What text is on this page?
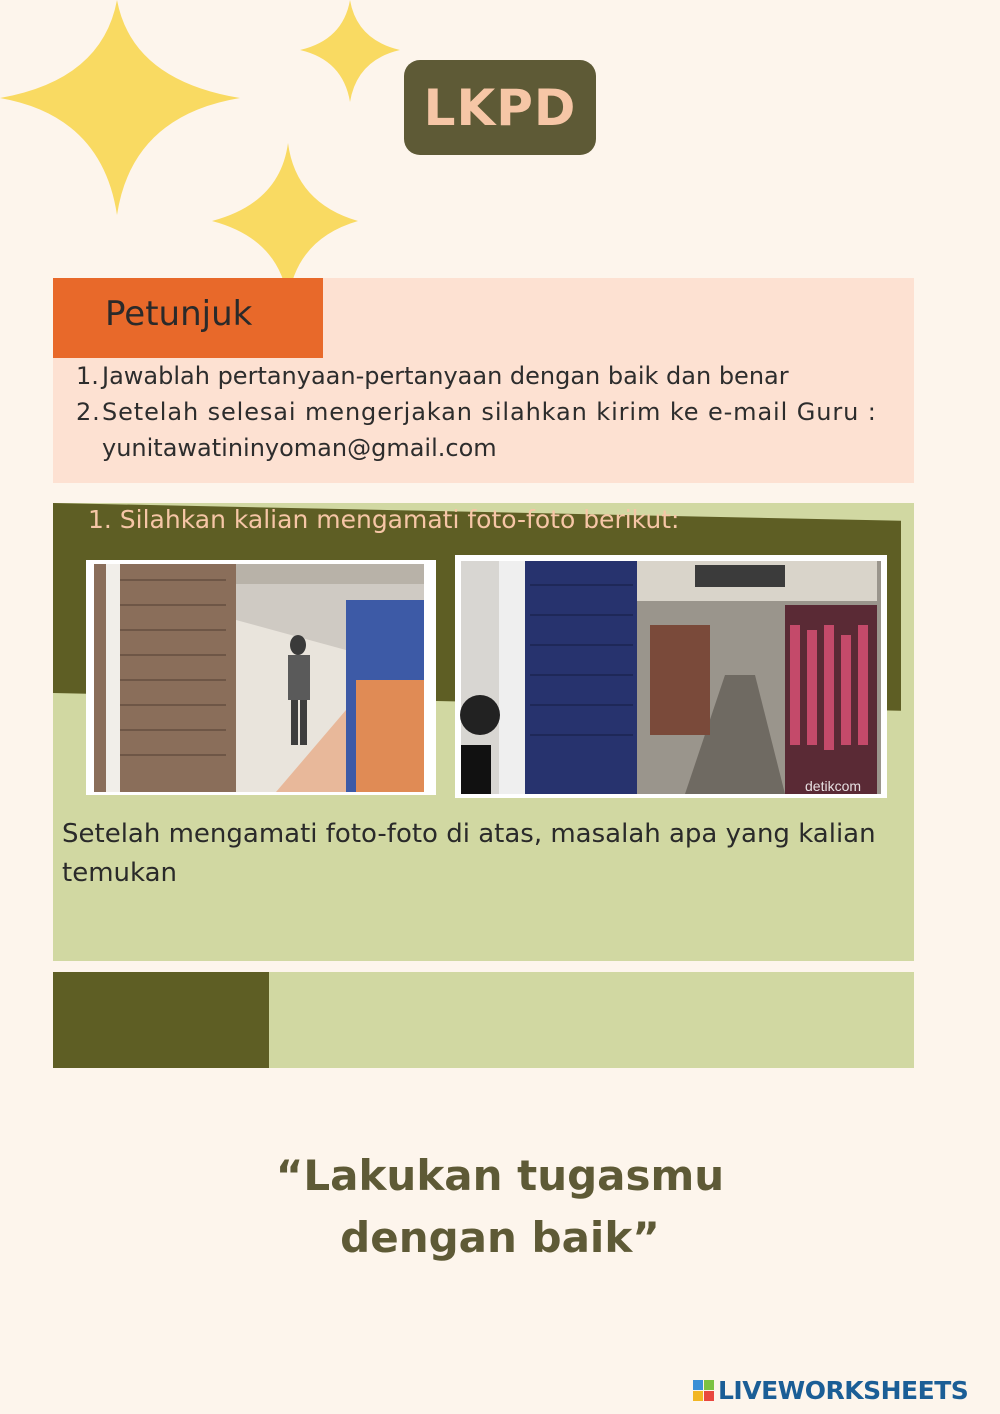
LKPD
Petunjuk
1. Jawablah pertanyaan-pertanyaan dengan baik dan benar
2. Setelah selesai mengerjakan silahkan kirim ke e-mail Guru :
yunitawatininyoman@gmail.com
1. Silahkan kalian mengamati foto-foto berikut:
detikcom
Setelah mengamati foto-foto di atas, masalah apa yang kalian temukan
“Lakukan tugasmu
dengan baik”
LIVEWORKSHEETS
